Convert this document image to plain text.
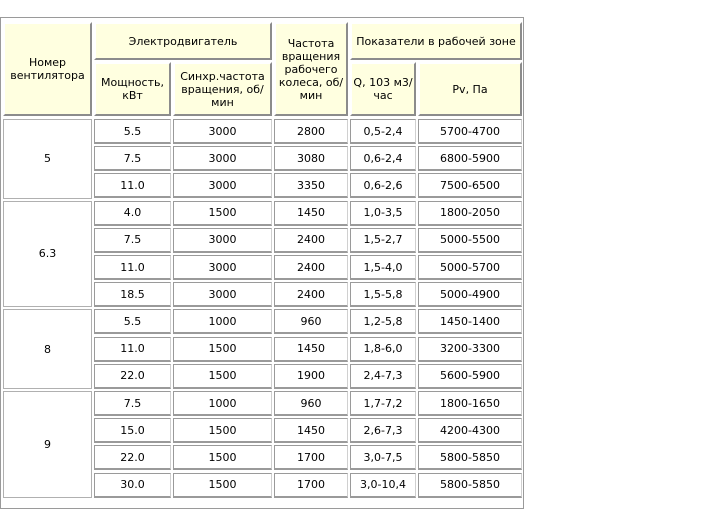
Номер вентилятора
Электродвигатель
Мощность, кВт
Синхр.частота вращения, об/мин
Частота вращения рабочего колеса, об/мин
Показатели в рабочей зоне
Q, 103 м3/час	Pv, Па
5
5.5	3000	2800	0,5-2,4	5700-4700
7.5	3000	3080	0,6-2,4	6800-5900
11.0	3000	3350	0,6-2,6	7500-6500
6.3
4.0	1500	1450	1,0-3,5	1800-2050
7.5	3000	2400	1,5-2,7	5000-5500
11.0	3000	2400	1,5-4,0	5000-5700
18.5	3000	2400	1,5-5,8	5000-4900
8
5.5	1000	960	1,2-5,8	1450-1400
11.0	1500	1450	1,8-6,0	3200-3300
22.0	1500	1900	2,4-7,3	5600-5900
9
7.5	1000	960	1,7-7,2	1800-1650
15.0	1500	1450	2,6-7,3	4200-4300
22.0	1500	1700	3,0-7,5	5800-5850
30.0	1500	1700	3,0-10,4	5800-5850
